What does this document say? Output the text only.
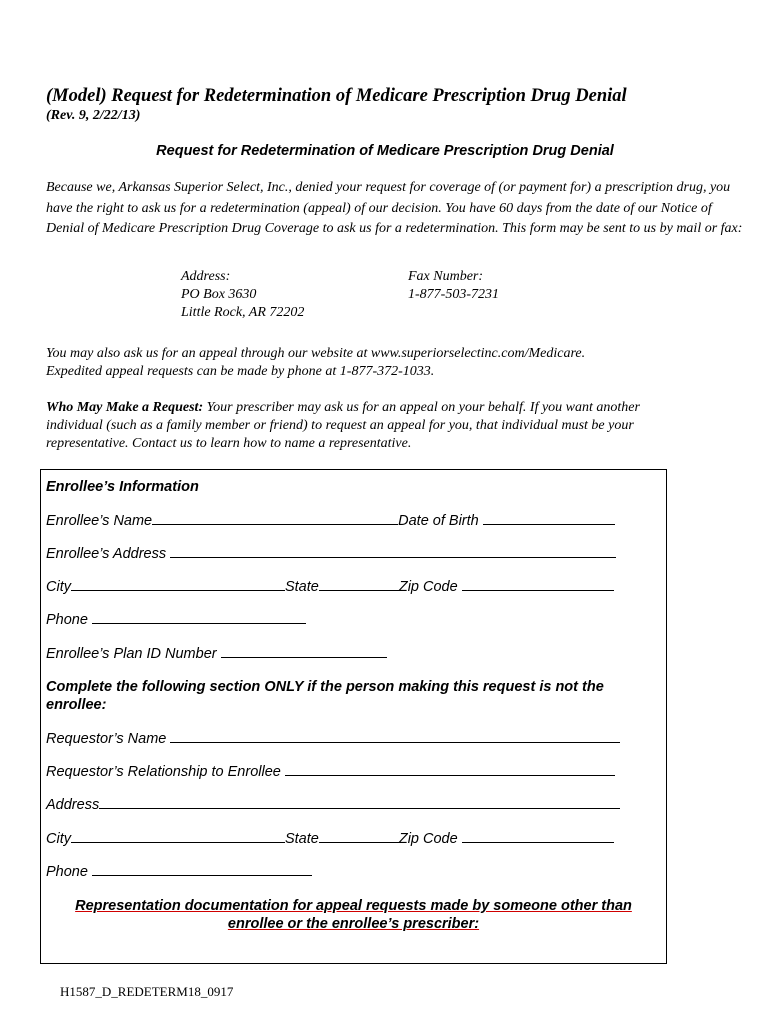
(Model) Request for Redetermination of Medicare Prescription Drug Denial
(Rev. 9, 2/22/13)
Request for Redetermination of Medicare Prescription Drug Denial
Because we, Arkansas Superior Select, Inc., denied your request for coverage of (or payment for) a prescription drug, you have the right to ask us for a redetermination (appeal) of our decision. You have 60 days from the date of our Notice of Denial of Medicare Prescription Drug Coverage to ask us for a redetermination. This form may be sent to us by mail or fax:
Address:
PO Box 3630
Little Rock, AR 72202
Fax Number:
1-877-503-7231
You may also ask us for an appeal through our website at www.superiorselectinc.com/Medicare.
Expedited appeal requests can be made by phone at 1-877-372-1033.
Who May Make a Request: Your prescriber may ask us for an appeal on your behalf. If you want another individual (such as a family member or friend) to request an appeal for you, that individual must be your representative. Contact us to learn how to name a representative.
Enrollee’s Information
Enrollee’s Name	Date of Birth
Enrollee’s Address
City	State	Zip Code
Phone
Enrollee’s Plan ID Number
Complete the following section ONLY if the person making this request is not the enrollee:
Requestor’s Name
Requestor’s Relationship to Enrollee
Address
City	State	Zip Code
Phone
Representation documentation for appeal requests made by someone other than
enrollee or the enrollee’s prescriber:
H1587_D_REDETERM18_0917
